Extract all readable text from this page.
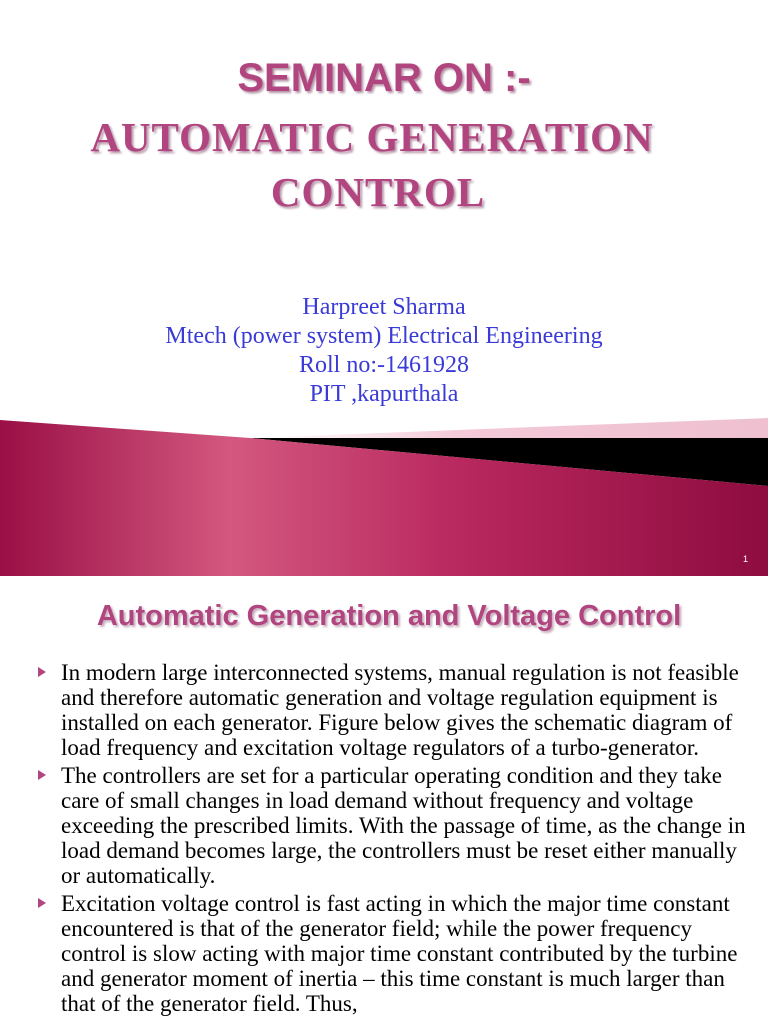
SEMINAR ON :-
AUTOMATIC GENERATION
CONTROL
Harpreet Sharma
Mtech (power system) Electrical Engineering
Roll no:-1461928
PIT ,kapurthala
1
Automatic Generation and Voltage Control
In modern large interconnected systems, manual regulation is not feasible and therefore automatic generation and voltage regulation equipment is installed on each generator. Figure below gives the schematic diagram of load frequency and excitation voltage regulators of a turbo-generator.
The controllers are set for a particular operating condition and they take care of small changes in load demand without frequency and voltage exceeding the prescribed limits. With the passage of time, as the change in load demand becomes large, the controllers must be reset either manually or automatically.
Excitation voltage control is fast acting in which the major time constant encountered is that of the generator field; while the power frequency control is slow acting with major time constant contributed by the turbine and generator moment of inertia – this time constant is much larger than that of the generator field. Thus,
